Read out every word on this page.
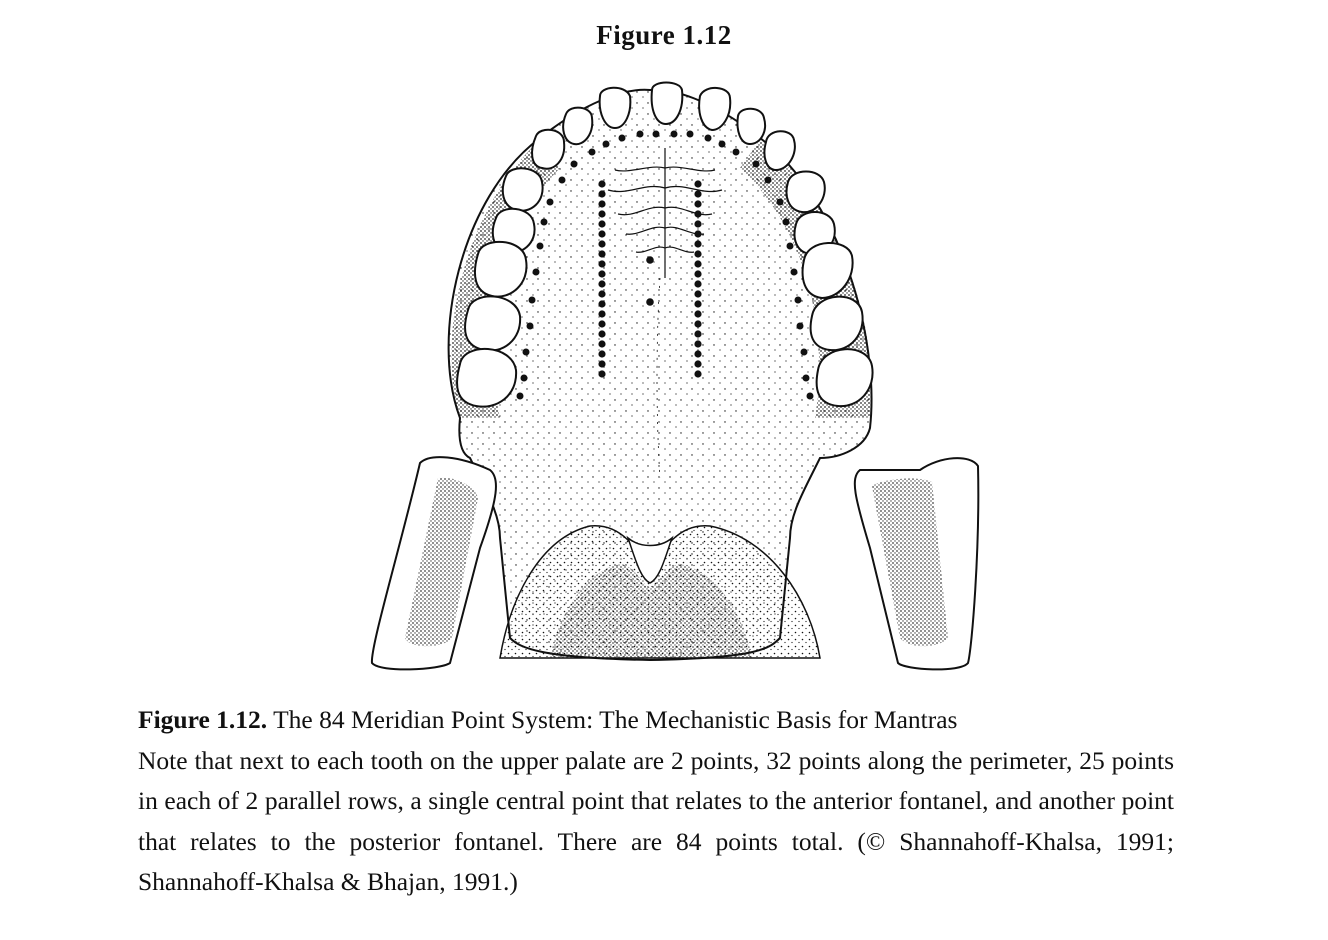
Figure 1.12
Figure 1.12. The 84 Meridian Point System: The Mechanistic Basis for Mantras
Note that next to each tooth on the upper palate are 2 points, 32 points along the perimeter, 25 points in each of 2 parallel rows, a single central point that relates to the anterior fontanel, and another point that relates to the posterior fontanel. There are 84 points total. (© Shannahoff-Khalsa, 1991; Shannahoff-Khalsa & Bhajan, 1991.)
